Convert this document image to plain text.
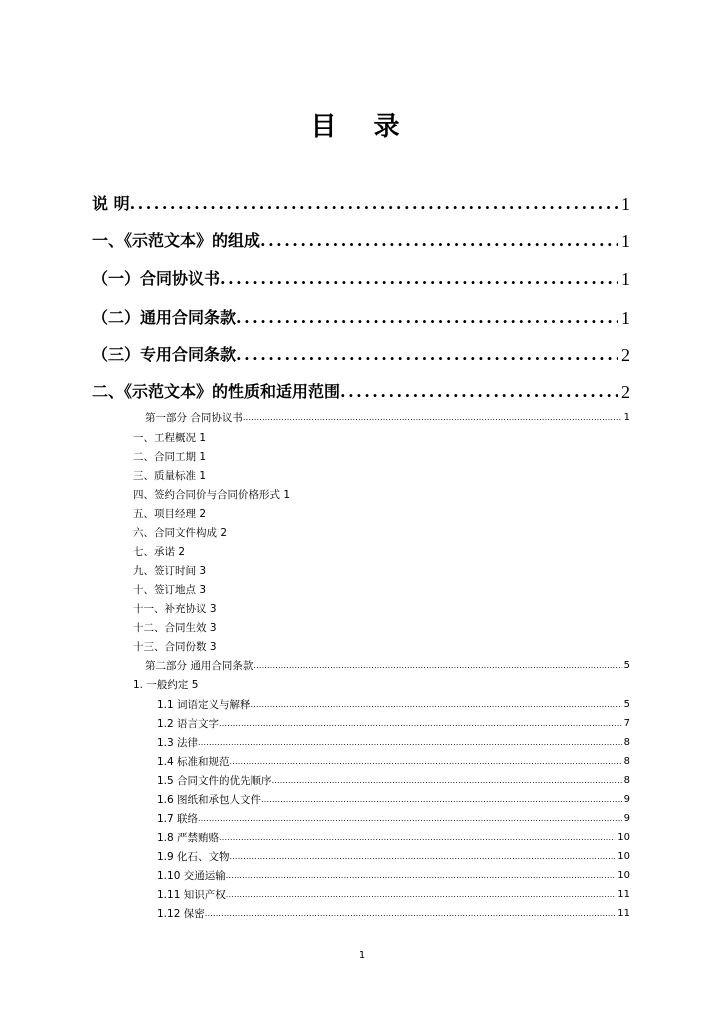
目 录
说 明 .....	1
一、《示范文本》的组成 .....	1
（一）合同协议书 .....	1
（二）通用合同条款 .....	1
（三）专用合同条款 .....	2
二、《示范文本》的性质和适用范围 .....	2
第一部分 合同协议书 .....	1
一、工程概况 1
二、合同工期 1
三、质量标准 1
四、签约合同价与合同价格形式 1
五、项目经理 2
六、合同文件构成 2
七、承诺 2
九、签订时间 3
十、签订地点 3
十一、补充协议 3
十二、合同生效 3
十三、合同份数 3
第二部分 通用合同条款 .....	5
1. 一般约定 5
1.1 词语定义与解释 .....	5
1.2 语言文字 .....	7
1.3 法律 .....	8
1.4 标准和规范 .....	8
1.5 合同文件的优先顺序 .....	8
1.6 图纸和承包人文件 .....	9
1.7 联络 .....	9
1.8 严禁贿赂 .....	10
1.9 化石、文物 .....	10
1.10 交通运输 .....	10
1.11 知识产权 .....	11
1.12 保密 .....	11
1
